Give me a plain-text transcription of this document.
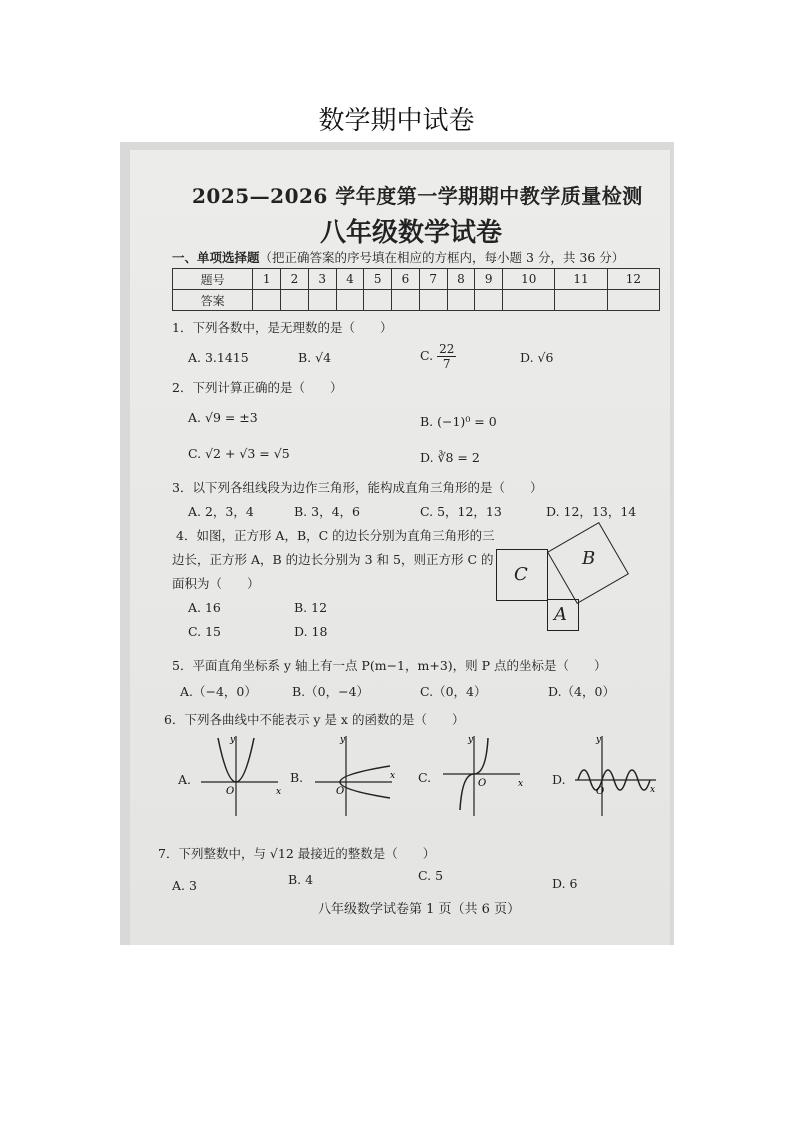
数学期中试卷
2025—2026 学年度第一学期期中教学质量检测
八年级数学试卷
一、单项选择题（把正确答案的序号填在相应的方框内，每小题 3 分，共 36 分）
题号	1	2	3	4	5	6	7	8	9	10	11	12
答案												
1．下列各数中，是无理数的是（　　）
A. 3.1415	B. √4	C. $\frac{22}{7}$	D. √6
2．下列计算正确的是（　　）
A. √9 = ±3	B. (−1)⁰ = 0
C. √2 + √3 = √5	D. ∛8 = 2
3．以下列各组线段为边作三角形，能构成直角三角形的是（　　）
A. 2，3，4	B. 3，4，6	C. 5，12，13	D. 12，13，14
4．如图，正方形 A，B，C 的边长分别为直角三角形的三
边长，正方形 A，B 的边长分别为 3 和 5，则正方形 C 的
面积为（　　）
A. 16	B. 12
C. 15	D. 18
C
A
B
5．平面直角坐标系 y 轴上有一点 P(m−1，m+3)，则 P 点的坐标是（　　）
A.（−4，0）	B.（0，−4）	C.（0，4）	D.（4，0）
6．下列各曲线中不能表示 y 是 x 的函数的是（　　）
A.	B.	C.	D.
y
x
O
y
x
O
y
x
O
y
x
O
7．下列整数中，与 √12 最接近的整数是（　　）
A. 3	B. 4	C. 5
D. 6
八年级数学试卷第 1 页（共 6 页）
